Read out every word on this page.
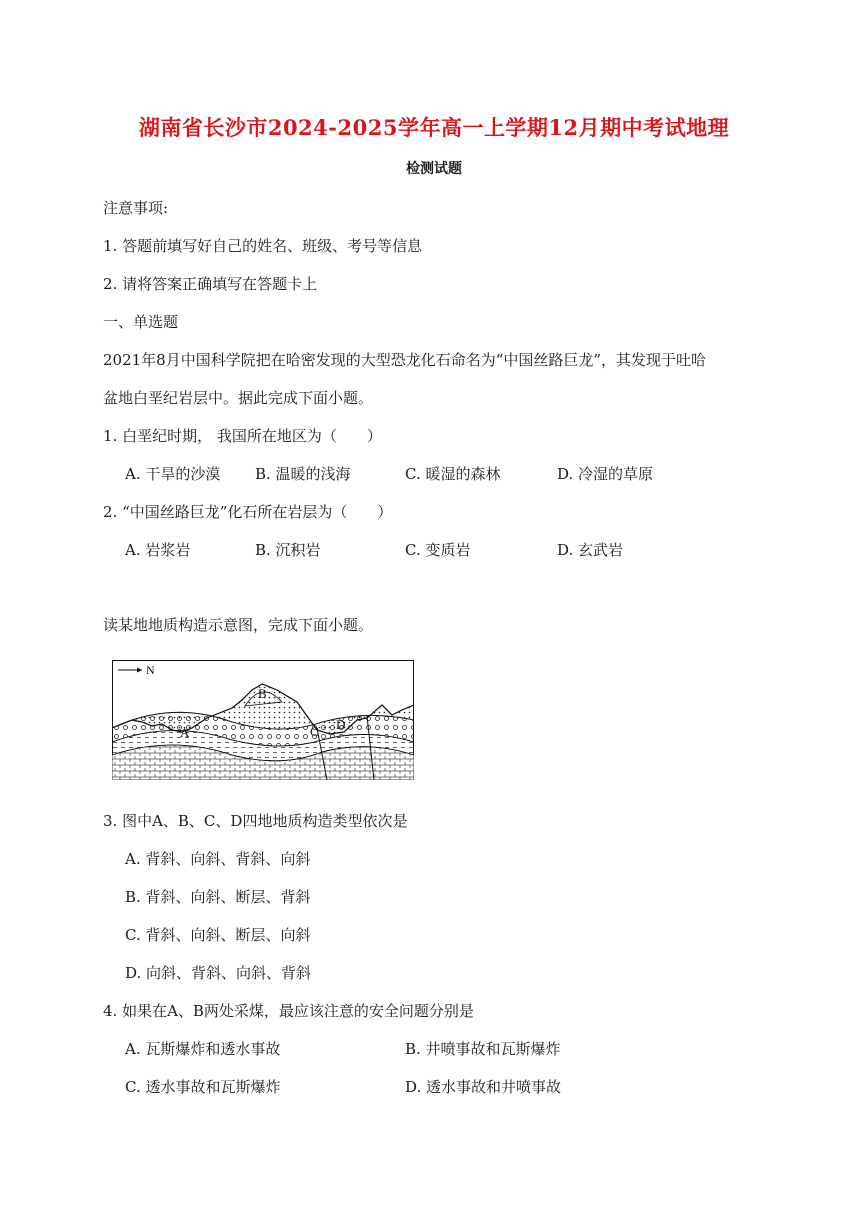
湖南省长沙市2024-2025学年高一上学期12月期中考试地理
检测试题
注意事项:
1. 答题前填写好自己的姓名、班级、考号等信息
2. 请将答案正确填写在答题卡上
一、单选题
2021年8月中国科学院把在哈密发现的大型恐龙化石命名为“中国丝路巨龙”，其发现于吐哈
盆地白垩纪岩层中。据此完成下面小题。
1. 白垩纪时期， 我国所在地区为（　　）
A. 干旱的沙漠 B. 温暖的浅海	C. 暖湿的森林	D. 冷湿的草原
2. “中国丝路巨龙”化石所在岩层为（　　）
A. 岩浆岩	B. 沉积岩	C. 变质岩	D. 玄武岩
读某地地质构造示意图，完成下面小题。
N
A
B
C D
3. 图中A、B、C、D四地地质构造类型依次是
A. 背斜、向斜、背斜、向斜
B. 背斜、向斜、断层、背斜
C. 背斜、向斜、断层、向斜
D. 向斜、背斜、向斜、背斜
4. 如果在A、B两处采煤，最应该注意的安全问题分别是
A. 瓦斯爆炸和透水事故	B. 井喷事故和瓦斯爆炸
C. 透水事故和瓦斯爆炸	D. 透水事故和井喷事故
